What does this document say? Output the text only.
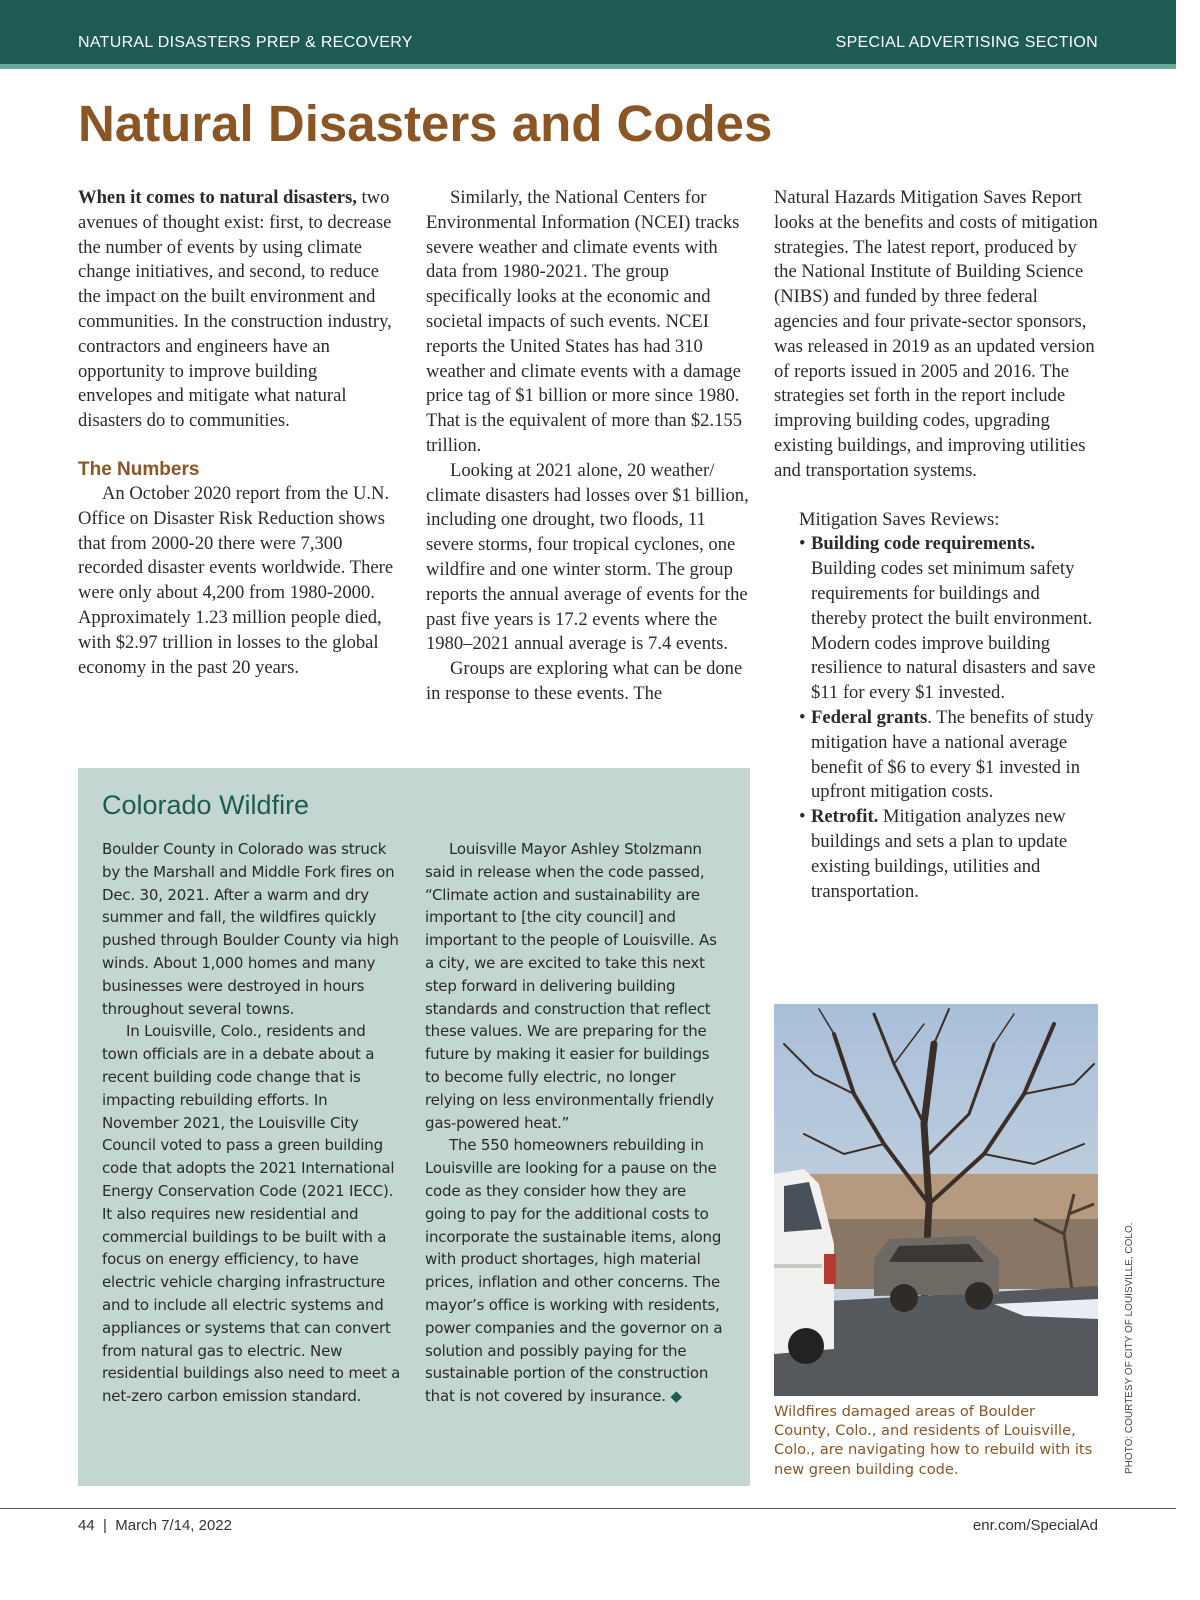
NATURAL DISASTERS PREP & RECOVERY	SPECIAL ADVERTISING SECTION
Natural Disasters and Codes

When it comes to natural disasters, two avenues of thought exist: first, to decrease the number of events by using climate change initiatives, and second, to reduce the impact on the built environment and communities. In the construction industry, contractors and engineers have an opportunity to improve building envelopes and mitigate what natural disasters do to communities.

The Numbers

An October 2020 report from the U.N. Office on Disaster Risk Reduction shows that from 2000-20 there were 7,300 recorded disaster events worldwide. There were only about 4,200 from 1980-2000. Approximately 1.23 million people died, with $2.97 trillion in losses to the global economy in the past 20 years.

Similarly, the National Centers for Environmental Information (NCEI) tracks severe weather and climate events with data from 1980-2021. The group specifically looks at the economic and societal impacts of such events. NCEI reports the United States has had 310 weather and climate events with a damage price tag of $1 billion or more since 1980. That is the equivalent of more than $2.155 trillion.

Looking at 2021 alone, 20 weather/ climate disasters had losses over $1 billion, including one drought, two floods, 11 severe storms, four tropical cyclones, one wildfire and one winter storm. The group reports the annual average of events for the past five years is 17.2 events where the 1980–2021 annual average is 7.4 events.

Groups are exploring what can be done in response to these events. The

Natural Hazards Mitigation Saves Report looks at the benefits and costs of mitigation strategies. The latest report, produced by the National Institute of Building Science (NIBS) and funded by three federal agencies and four private-sector sponsors, was released in 2019 as an updated version of reports issued in 2005 and 2016. The strategies set forth in the report include improving building codes, upgrading existing buildings, and improving utilities and transportation systems.

Mitigation Saves Reviews:

• Building code requirements. Building codes set minimum safety requirements for buildings and thereby protect the built environment. Modern codes improve building resilience to natural disasters and save $11 for every $1 invested.
• Federal grants. The benefits of study mitigation have a national average benefit of $6 to every $1 invested in upfront mitigation costs.
• Retrofit. Mitigation analyzes new buildings and sets a plan to update existing buildings, utilities and transportation.
Colorado Wildfire

Boulder County in Colorado was struck by the Marshall and Middle Fork fires on Dec. 30, 2021. After a warm and dry summer and fall, the wildfires quickly pushed through Boulder County via high winds. About 1,000 homes and many businesses were destroyed in hours throughout several towns.

In Louisville, Colo., residents and town officials are in a debate about a recent building code change that is impacting rebuilding efforts. In November 2021, the Louisville City Council voted to pass a green building code that adopts the 2021 International Energy Conservation Code (2021 IECC). It also requires new residential and commercial buildings to be built with a focus on energy efficiency, to have electric vehicle charging infrastructure and to include all electric systems and appliances or systems that can convert from natural gas to electric. New residential buildings also need to meet a net-zero carbon emission standard.

Louisville Mayor Ashley Stolzmann said in release when the code passed, “Climate action and sustainability are important to [the city council] and important to the people of Louisville. As a city, we are excited to take this next step forward in delivering building standards and construction that reflect these values. We are preparing for the future by making it easier for buildings to become fully electric, no longer relying on less environmentally friendly gas-powered heat.”

The 550 homeowners rebuilding in Louisville are looking for a pause on the code as they consider how they are going to pay for the additional costs to incorporate the sustainable items, along with product shortages, high material prices, inflation and other concerns. The mayor’s office is working with residents, power companies and the governor on a solution and possibly paying for the sustainable portion of the construction that is not covered by insurance. ◆

Wildfires damaged areas of Boulder County, Colo., and residents of Louisville, Colo., are navigating how to rebuild with its new green building code.	PHOTO: COURTESY OF CITY OF LOUISVILLE, COLO.
44  |  March 7/14, 2022	enr.com/SpecialAd
